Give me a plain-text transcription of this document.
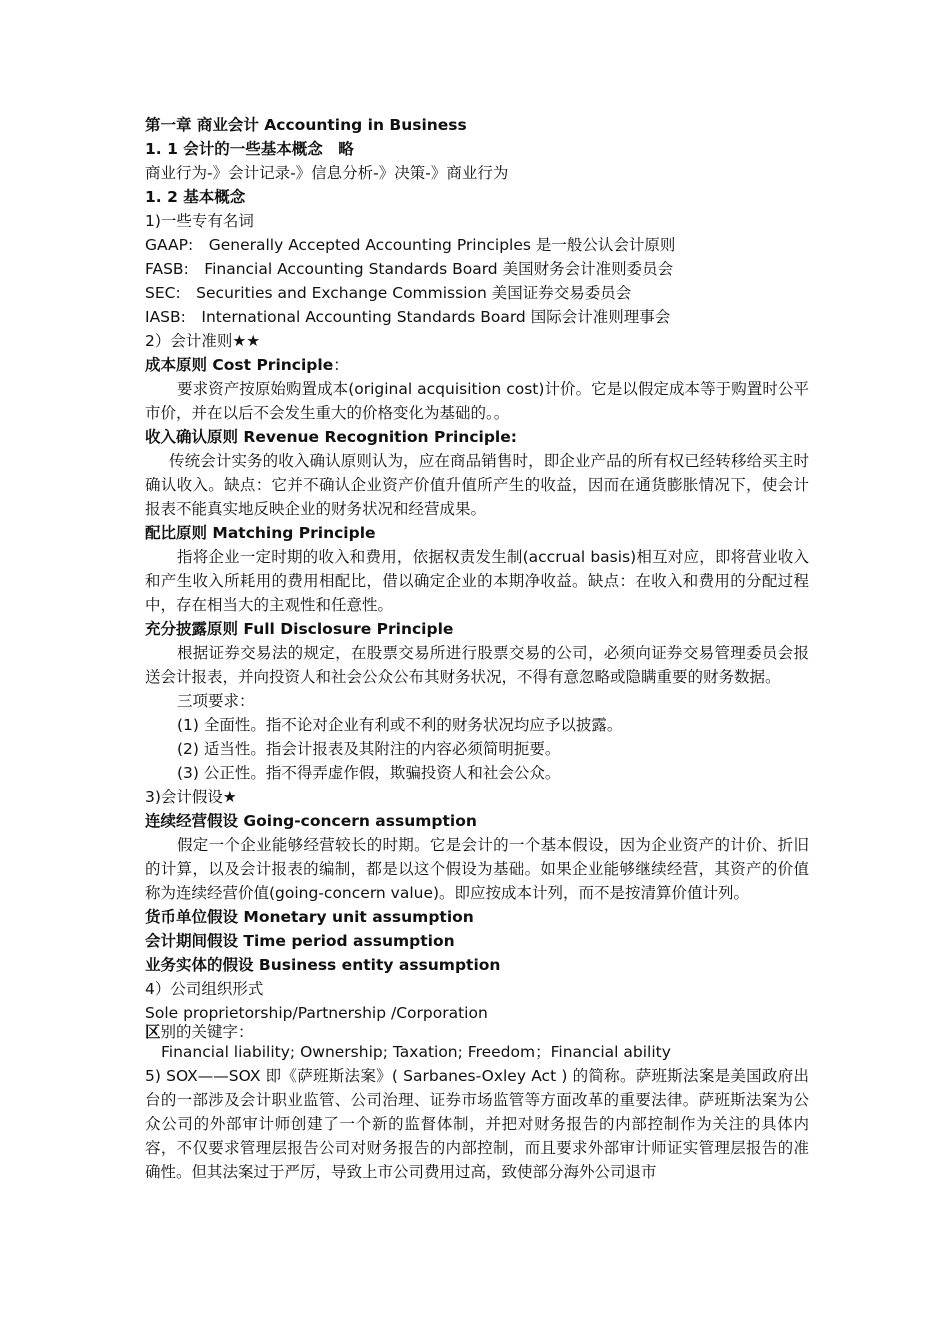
第一章 商业会计 Accounting in Business
1. 1 会计的一些基本概念　略
商业行为-》会计记录-》信息分析-》决策-》商业行为
1. 2 基本概念
1)一些专有名词
GAAP:　Generally Accepted Accounting Principles 是一般公认会计原则
FASB:　Financial Accounting Standards Board 美国财务会计准则委员会
SEC:　Securities and Exchange Commission 美国证券交易委员会
IASB:　International Accounting Standards Board 国际会计准则理事会
2）会计准则★★
成本原则 Cost Principle：
要求资产按原始购置成本(original acquisition cost)计价。它是以假定成本等于购置时公平市价，并在以后不会发生重大的价格变化为基础的。。
收入确认原则 Revenue Recognition Principle:
传统会计实务的收入确认原则认为，应在商品销售时，即企业产品的所有权已经转移给买主时确认收入。缺点：它并不确认企业资产价值升值所产生的收益，因而在通货膨胀情况下，使会计报表不能真实地反映企业的财务状况和经营成果。
配比原则 Matching Principle
指将企业一定时期的收入和费用，依据权责发生制(accrual basis)相互对应，即将营业收入和产生收入所耗用的费用相配比，借以确定企业的本期净收益。缺点：在收入和费用的分配过程中，存在相当大的主观性和任意性。
充分披露原则 Full Disclosure Principle
根据证券交易法的规定，在股票交易所进行股票交易的公司，必须向证券交易管理委员会报送会计报表，并向投资人和社会公众公布其财务状况，不得有意忽略或隐瞒重要的财务数据。
三项要求：
(1) 全面性。指不论对企业有利或不利的财务状况均应予以披露。
(2) 适当性。指会计报表及其附注的内容必须简明扼要。
(3) 公正性。指不得弄虚作假，欺骗投资人和社会公众。
3)会计假设★
连续经营假设 Going-concern assumption
假定一个企业能够经营较长的时期。它是会计的一个基本假设，因为企业资产的计价、折旧的计算，以及会计报表的编制，都是以这个假设为基础。如果企业能够继续经营，其资产的价值称为连续经营价值(going-concern value)。即应按成本计列，而不是按清算价值计列。
货币单位假设 Monetary unit assumption
会计期间假设 Time period assumption
业务实体的假设 Business entity assumption
4）公司组织形式
Sole proprietorship/Partnership /Corporation
区别的关键字：
Financial liability; Ownership; Taxation; Freedom；Financial ability
5) SOX——SOX 即《萨班斯法案》( Sarbanes-Oxley Act ) 的简称。萨班斯法案是美国政府出台的一部涉及会计职业监管、公司治理、证券市场监管等方面改革的重要法律。萨班斯法案为公众公司的外部审计师创建了一个新的监督体制，并把对财务报告的内部控制作为关注的具体内容，不仅要求管理层报告公司对财务报告的内部控制，而且要求外部审计师证实管理层报告的准确性。但其法案过于严厉，导致上市公司费用过高，致使部分海外公司退市
